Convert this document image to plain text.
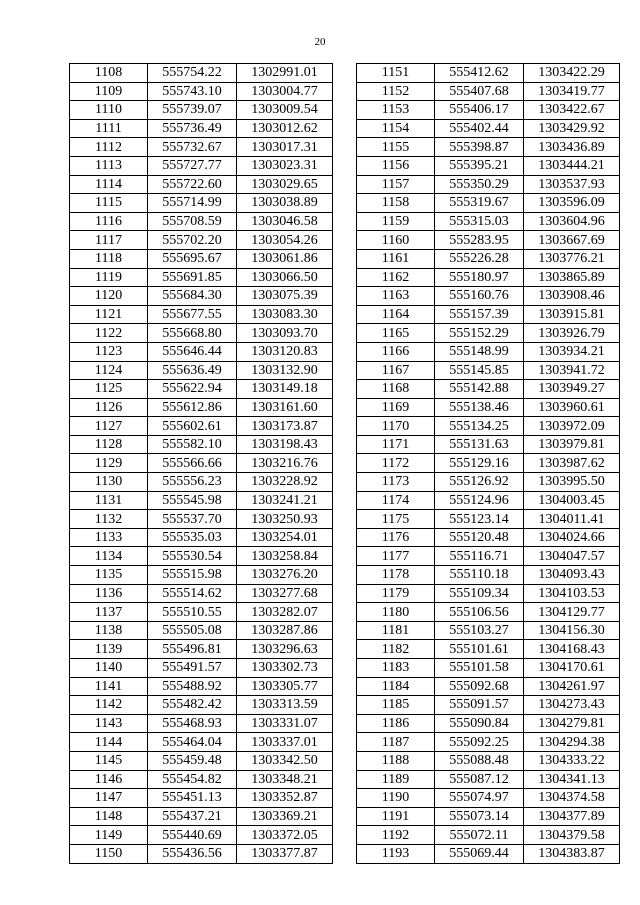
20
1108	555754.22	1302991.01
1109	555743.10	1303004.77
1110	555739.07	1303009.54
1111	555736.49	1303012.62
1112	555732.67	1303017.31
1113	555727.77	1303023.31
1114	555722.60	1303029.65
1115	555714.99	1303038.89
1116	555708.59	1303046.58
1117	555702.20	1303054.26
1118	555695.67	1303061.86
1119	555691.85	1303066.50
1120	555684.30	1303075.39
1121	555677.55	1303083.30
1122	555668.80	1303093.70
1123	555646.44	1303120.83
1124	555636.49	1303132.90
1125	555622.94	1303149.18
1126	555612.86	1303161.60
1127	555602.61	1303173.87
1128	555582.10	1303198.43
1129	555566.66	1303216.76
1130	555556.23	1303228.92
1131	555545.98	1303241.21
1132	555537.70	1303250.93
1133	555535.03	1303254.01
1134	555530.54	1303258.84
1135	555515.98	1303276.20
1136	555514.62	1303277.68
1137	555510.55	1303282.07
1138	555505.08	1303287.86
1139	555496.81	1303296.63
1140	555491.57	1303302.73
1141	555488.92	1303305.77
1142	555482.42	1303313.59
1143	555468.93	1303331.07
1144	555464.04	1303337.01
1145	555459.48	1303342.50
1146	555454.82	1303348.21
1147	555451.13	1303352.87
1148	555437.21	1303369.21
1149	555440.69	1303372.05
1150	555436.56	1303377.87
1151	555412.62	1303422.29
1152	555407.68	1303419.77
1153	555406.17	1303422.67
1154	555402.44	1303429.92
1155	555398.87	1303436.89
1156	555395.21	1303444.21
1157	555350.29	1303537.93
1158	555319.67	1303596.09
1159	555315.03	1303604.96
1160	555283.95	1303667.69
1161	555226.28	1303776.21
1162	555180.97	1303865.89
1163	555160.76	1303908.46
1164	555157.39	1303915.81
1165	555152.29	1303926.79
1166	555148.99	1303934.21
1167	555145.85	1303941.72
1168	555142.88	1303949.27
1169	555138.46	1303960.61
1170	555134.25	1303972.09
1171	555131.63	1303979.81
1172	555129.16	1303987.62
1173	555126.92	1303995.50
1174	555124.96	1304003.45
1175	555123.14	1304011.41
1176	555120.48	1304024.66
1177	555116.71	1304047.57
1178	555110.18	1304093.43
1179	555109.34	1304103.53
1180	555106.56	1304129.77
1181	555103.27	1304156.30
1182	555101.61	1304168.43
1183	555101.58	1304170.61
1184	555092.68	1304261.97
1185	555091.57	1304273.43
1186	555090.84	1304279.81
1187	555092.25	1304294.38
1188	555088.48	1304333.22
1189	555087.12	1304341.13
1190	555074.97	1304374.58
1191	555073.14	1304377.89
1192	555072.11	1304379.58
1193	555069.44	1304383.87
